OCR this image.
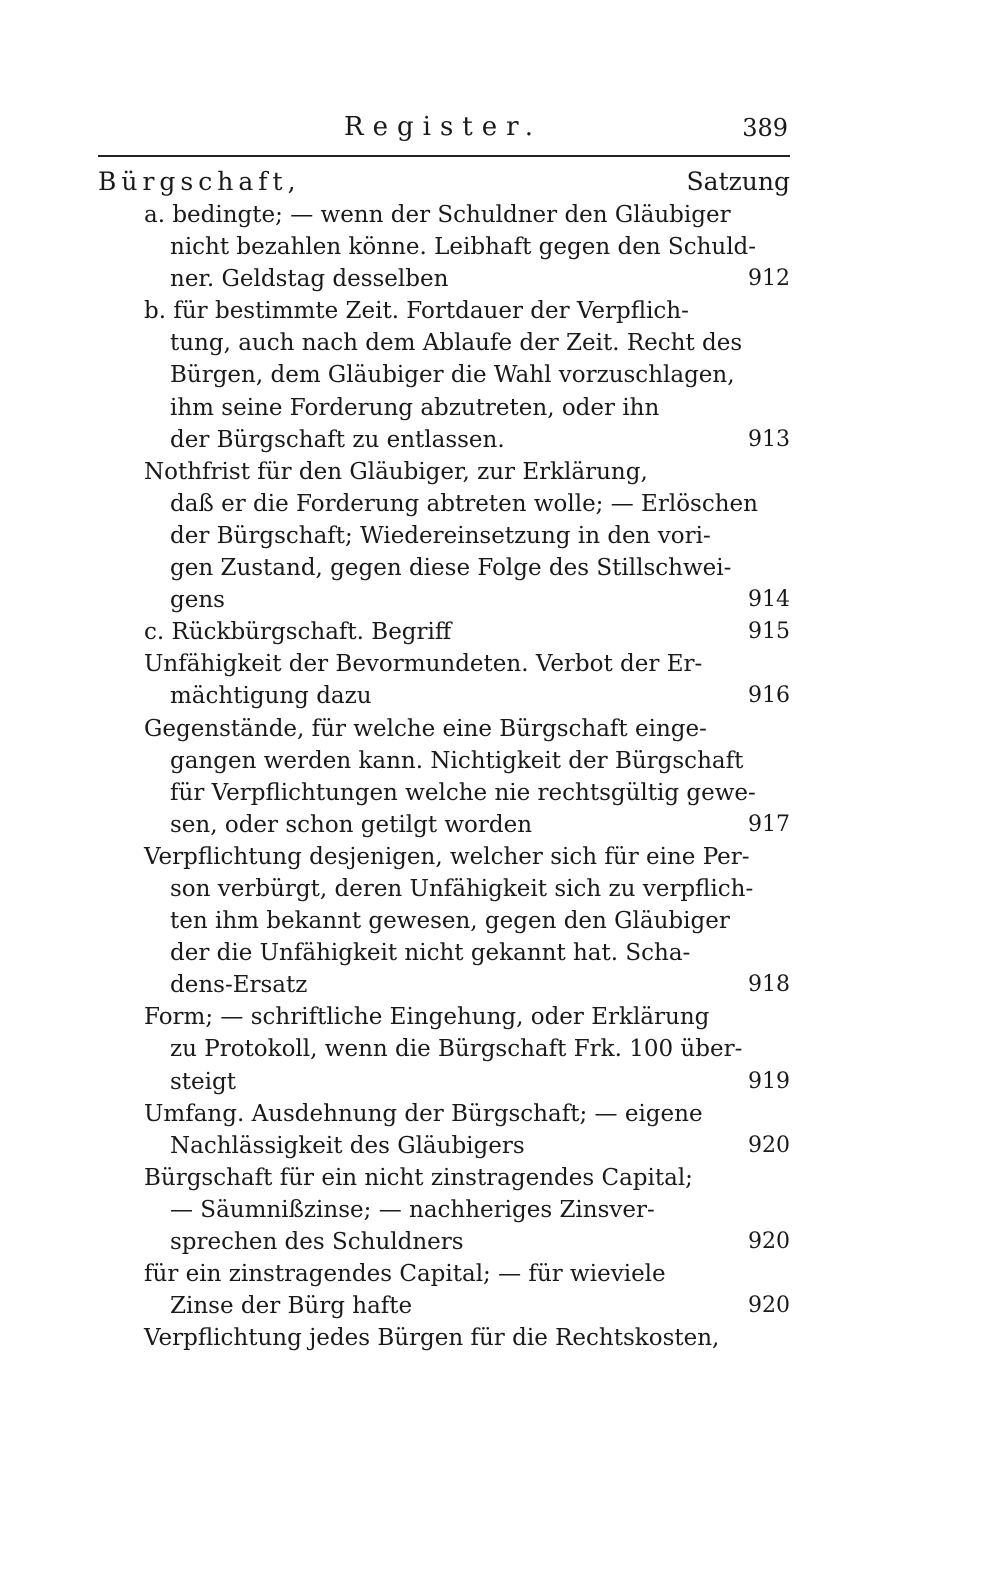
Register.	389
Bürgschaft,	Satzung
a. bedingte; — wenn der Schuldner den Gläubiger
nicht bezahlen könne. Leibhaft gegen den Schuld-
ner. Geldstag desselben	912
b. für bestimmte Zeit. Fortdauer der Verpflich-
tung, auch nach dem Ablaufe der Zeit. Recht des
Bürgen, dem Gläubiger die Wahl vorzuschlagen,
ihm seine Forderung abzutreten, oder ihn
der Bürgschaft zu entlassen.	913
Nothfrist für den Gläubiger, zur Erklärung,
daß er die Forderung abtreten wolle; — Erlöschen
der Bürgschaft; Wiedereinsetzung in den vori-
gen Zustand, gegen diese Folge des Stillschwei-
gens	914
c. Rückbürgschaft. Begriff	915
Unfähigkeit der Bevormundeten. Verbot der Er-
mächtigung dazu	916
Gegenstände, für welche eine Bürgschaft einge-
gangen werden kann. Nichtigkeit der Bürgschaft
für Verpflichtungen welche nie rechtsgültig gewe-
sen, oder schon getilgt worden	917
Verpflichtung desjenigen, welcher sich für eine Per-
son verbürgt, deren Unfähigkeit sich zu verpflich-
ten ihm bekannt gewesen, gegen den Gläubiger
der die Unfähigkeit nicht gekannt hat. Scha-
dens-Ersatz	918
Form; — schriftliche Eingehung, oder Erklärung
zu Protokoll, wenn die Bürgschaft Frk. 100 über-
steigt	919
Umfang. Ausdehnung der Bürgschaft; — eigene
Nachlässigkeit des Gläubigers	920
Bürgschaft für ein nicht zinstragendes Capital;
— Säumnißzinse; — nachheriges Zinsver-
sprechen des Schuldners	920
für ein zinstragendes Capital; — für wieviele
Zinse der Bürg hafte	920
Verpflichtung jedes Bürgen für die Rechtskosten,
